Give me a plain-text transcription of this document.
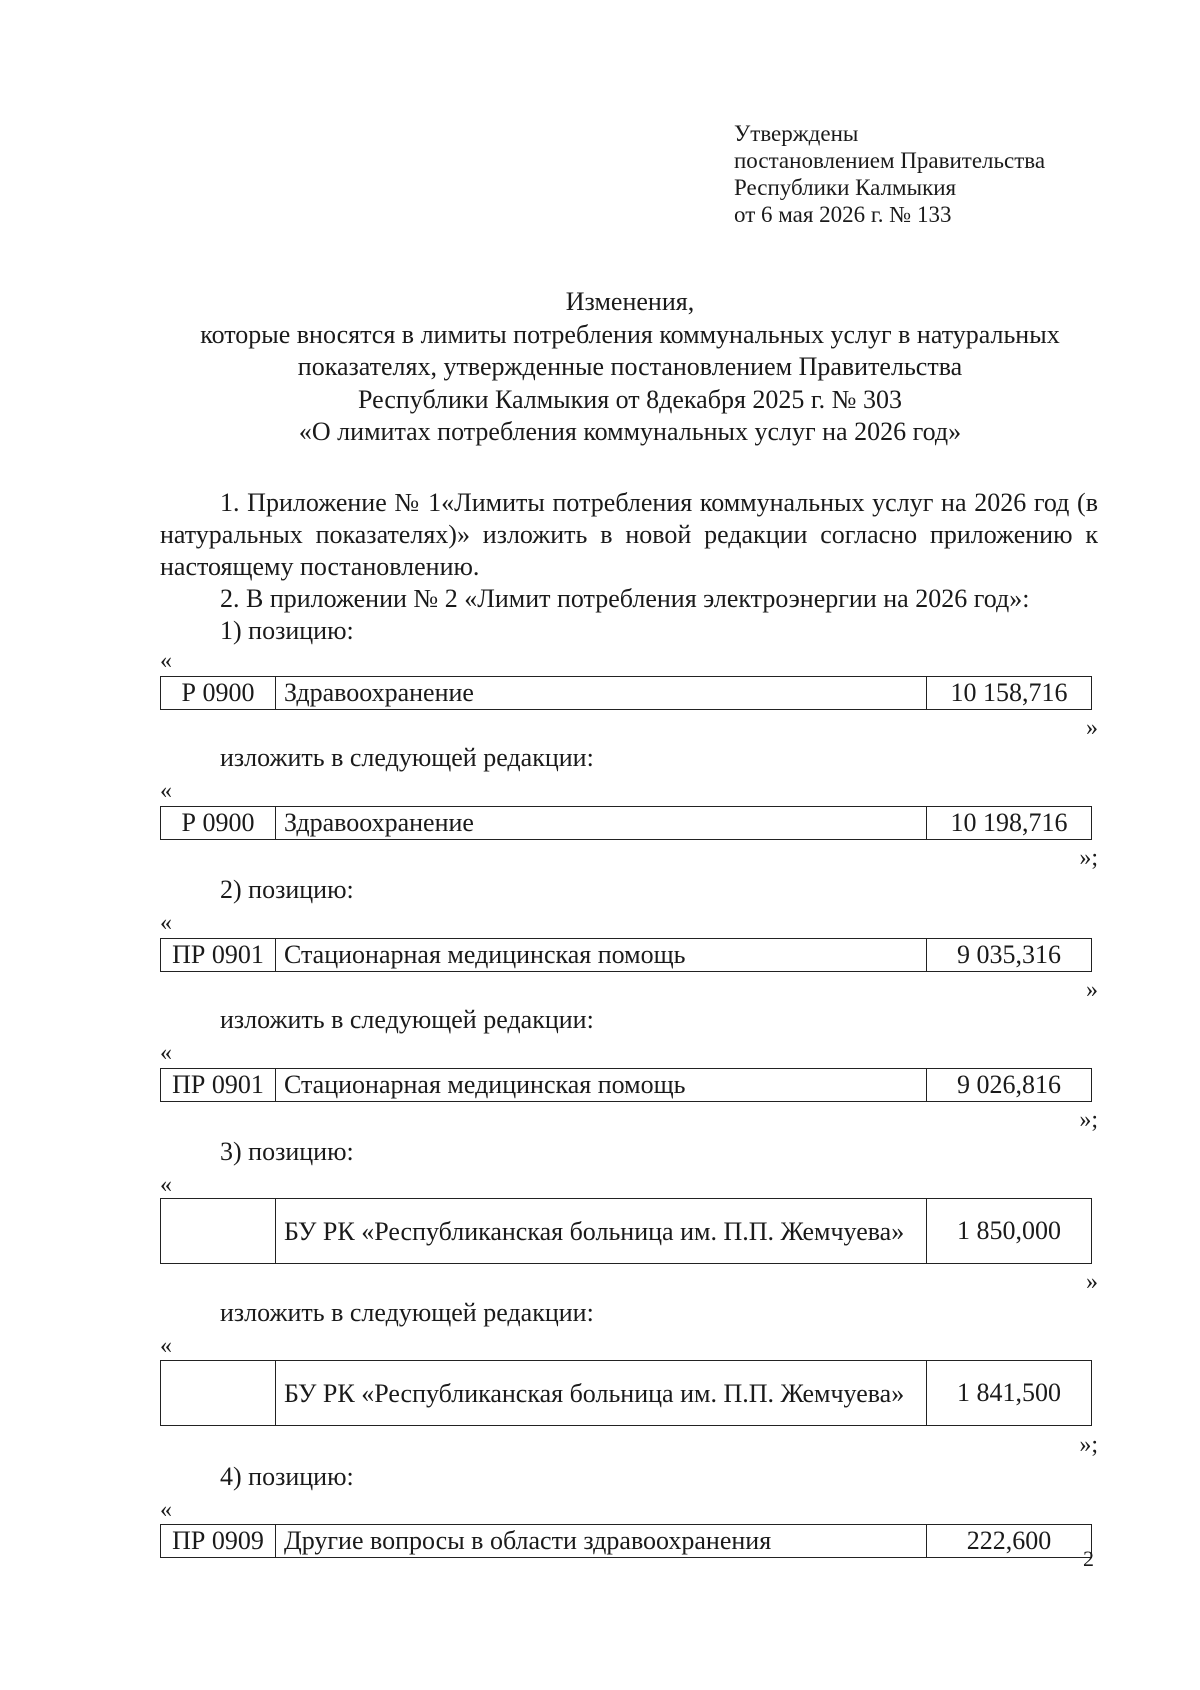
Утверждены
постановлением Правительства
Республики Калмыкия
от 6 мая 2026 г. № 133
Изменения,
которые вносятся в лимиты потребления коммунальных услуг в натуральных
показателях, утвержденные постановлением Правительства
Республики Калмыкия от 8декабря 2025 г. № 303
«О лимитах потребления коммунальных услуг на 2026 год»
1. Приложение № 1«Лимиты потребления коммунальных услуг на 2026 год (в натуральных показателях)» изложить в новой редакции согласно приложению к настоящему постановлению.
2. В приложении № 2 «Лимит потребления электроэнергии на 2026 год»:
1) позицию:
«
Р 0900	Здравоохранение	10 158,716
»
изложить в следующей редакции:
«
Р 0900	Здравоохранение	10 198,716
»;
2) позицию:
«
ПР 0901	Стационарная медицинская помощь	9 035,316
»
изложить в следующей редакции:
«
ПР 0901	Стационарная медицинская помощь	9 026,816
»;
3) позицию:
«
	БУ РК «Республиканская больница им. П.П. Жемчуева»	1 850,000
»
изложить в следующей редакции:
«
	БУ РК «Республиканская больница им. П.П. Жемчуева»	1 841,500
»;
4) позицию:
«
ПР 0909	Другие вопросы в области здравоохранения	222,600
2
